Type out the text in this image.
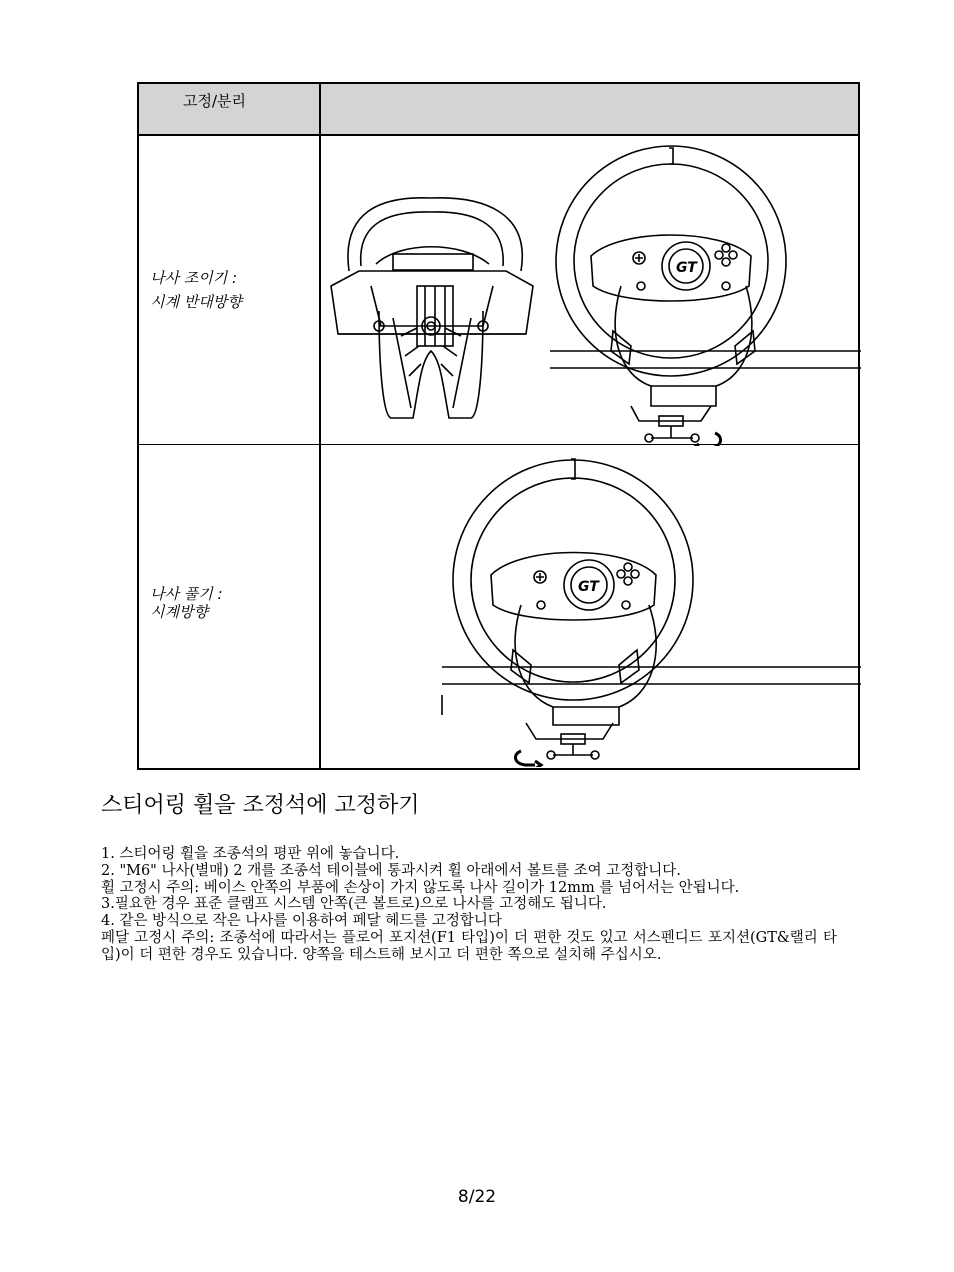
고정/분리
나사 조이기 :
시계 반대방향
GT
나사 풀기 :
시계방향
GT
스티어링 휠을 조정석에 고정하기

1. 스티어링 휠을 조종석의 평판 위에 놓습니다.

2. "M6" 나사(별매) 2 개를 조종석 테이블에 통과시켜 휠 아래에서 볼트를 조여 고정합니다.

휠 고정시 주의: 베이스 안쪽의 부품에 손상이 가지 않도록 나사 길이가 12mm 를 넘어서는 안됩니다.

3.필요한 경우 표준 클램프 시스템 안쪽(큰 볼트로)으로 나사를 고정해도 됩니다.

4. 같은 방식으로 작은 나사를 이용하여 페달 헤드를 고정합니다

페달 고정시 주의: 조종석에 따라서는 플로어 포지션(F1 타입)이 더 편한 것도 있고 서스펜디드 포지션(GT&랠리 타입)이 더 편한 경우도 있습니다. 양쪽을 테스트해 보시고 더 편한 쪽으로 설치해 주십시오.

8/22
